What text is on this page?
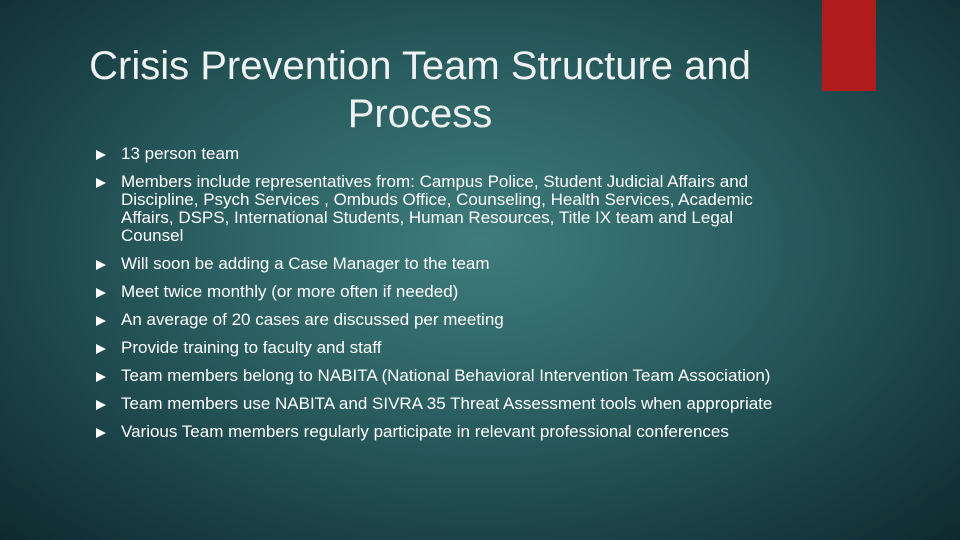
Crisis Prevention Team Structure and Process
13 person team
Members include representatives from: Campus Police, Student Judicial Affairs and Discipline, Psych Services , Ombuds Office, Counseling, Health Services, Academic Affairs, DSPS, International Students, Human Resources, Title IX team and Legal Counsel
Will soon be adding a Case Manager to the team
Meet twice monthly (or more often if needed)
An average of 20 cases are discussed per meeting
Provide training to faculty and staff
Team members belong to NABITA (National Behavioral Intervention Team Association)
Team members use NABITA and SIVRA 35 Threat Assessment tools when appropriate
Various Team members regularly participate in relevant professional conferences
